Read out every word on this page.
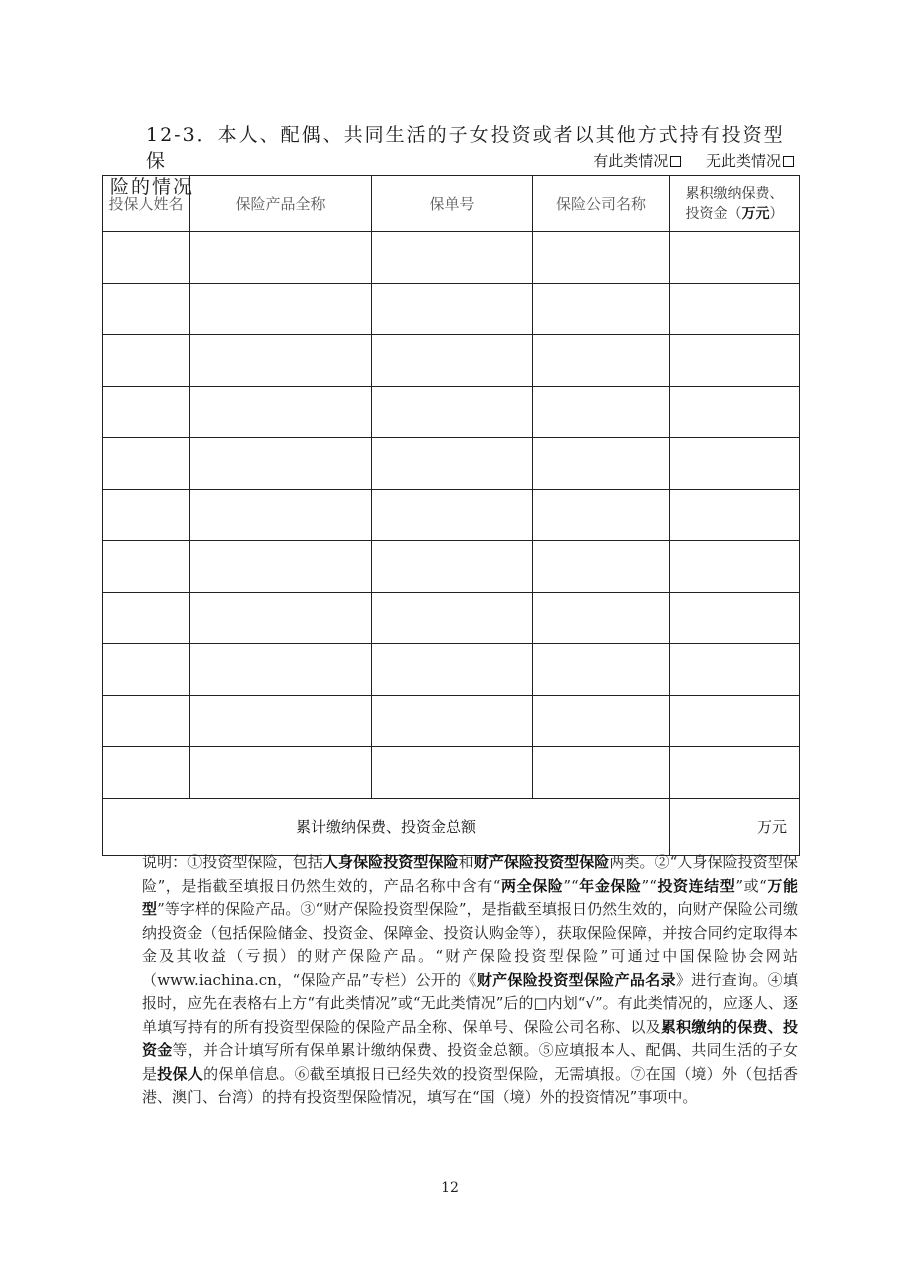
12-3．本人、配偶、共同生活的子女投资或者以其他方式持有投资型保
险的情况
有此类情况	无此类情况
投保人姓名	保险产品全称	保单号	保险公司名称	累积缴纳保费、
投资金（万元）

累计缴纳保费、投资金总额				万元
说明：①投资型保险，包括人身保险投资型保险和财产保险投资型保险两类。②“人身保险投资型保险”，是指截至填报日仍然生效的，产品名称中含有“两全保险”“年金保险”“投资连结型”或“万能型”等字样的保险产品。③“财产保险投资型保险”，是指截至填报日仍然生效的，向财产保险公司缴纳投资金（包括保险储金、投资金、保障金、投资认购金等），获取保险保障，并按合同约定取得本金及其收益（亏损）的财产保险产品。“财产保险投资型保险”可通过中国保险协会网站（www.iachina.cn，“保险产品”专栏）公开的《财产保险投资型保险产品名录》进行查询。④填报时，应先在表格右上方“有此类情况”或“无此类情况”后的□内划“√”。有此类情况的，应逐人、逐单填写持有的所有投资型保险的保险产品全称、保单号、保险公司名称、以及累积缴纳的保费、投资金等，并合计填写所有保单累计缴纳保费、投资金总额。⑤应填报本人、配偶、共同生活的子女是投保人的保单信息。⑥截至填报日已经失效的投资型保险，无需填报。⑦在国（境）外（包括香港、澳门、台湾）的持有投资型保险情况，填写在“国（境）外的投资情况”事项中。
12
